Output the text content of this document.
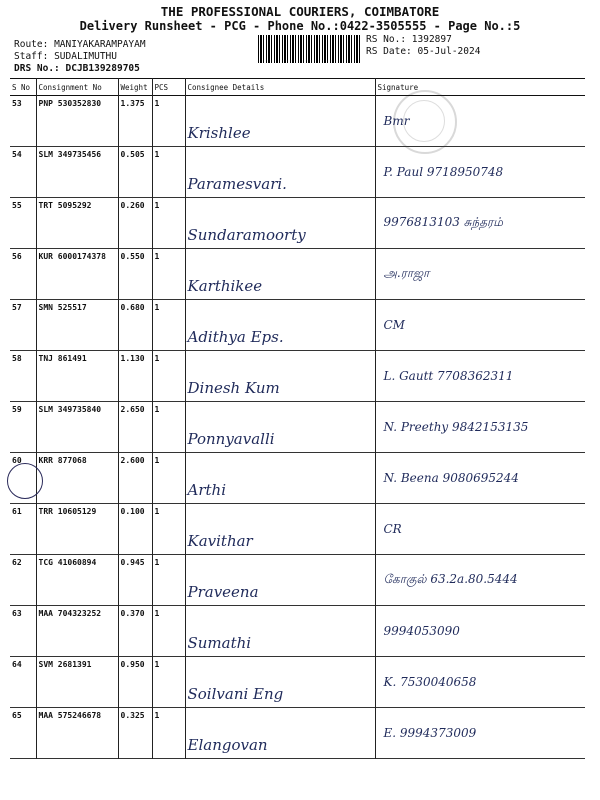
THE PROFESSIONAL COURIERS, COIMBATORE
Delivery Runsheet - PCG - Phone No.:0422-3505555 - Page No.:5
Route: MANIYAKARAMPAYAM
Staff: SUDALIMUTHU
DRS No.: DCJB139289705
RS No.: 1392897
RS Date: 05-Jul-2024
S No	Consignment No	Weight	PCS	Consignee Details	Signature
53	PNP 530352830	1.375	1	Krishlee	Bmr
54	SLM 349735456	0.505	1	Paramesvari.	P. Paul 9718950748
55	TRT 5095292	0.260	1	Sundaramoorty	9976813103 சுந்தரம்
56	KUR 6000174378	0.550	1	Karthikee	அ.ராஜா
57	SMN 525517	0.680	1	Adithya Eps.	CM
58	TNJ 861491	1.130	1	Dinesh Kum	L. Gautt 7708362311
59	SLM 349735840	2.650	1	Ponnyavalli	N. Preethy 9842153135
60	KRR 877068	2.600	1	Arthi	N. Beena 9080695244
61	TRR 10605129	0.100	1	Kavithar	CR
62	TCG 41060894	0.945	1	Praveena	கோகுல் 63.2a.80.5444
63	MAA 704323252	0.370	1	Sumathi	9994053090
64	SVM 2681391	0.950	1	Soilvani Eng	K. 7530040658
65	MAA 575246678	0.325	1	Elangovan	E. 9994373009
